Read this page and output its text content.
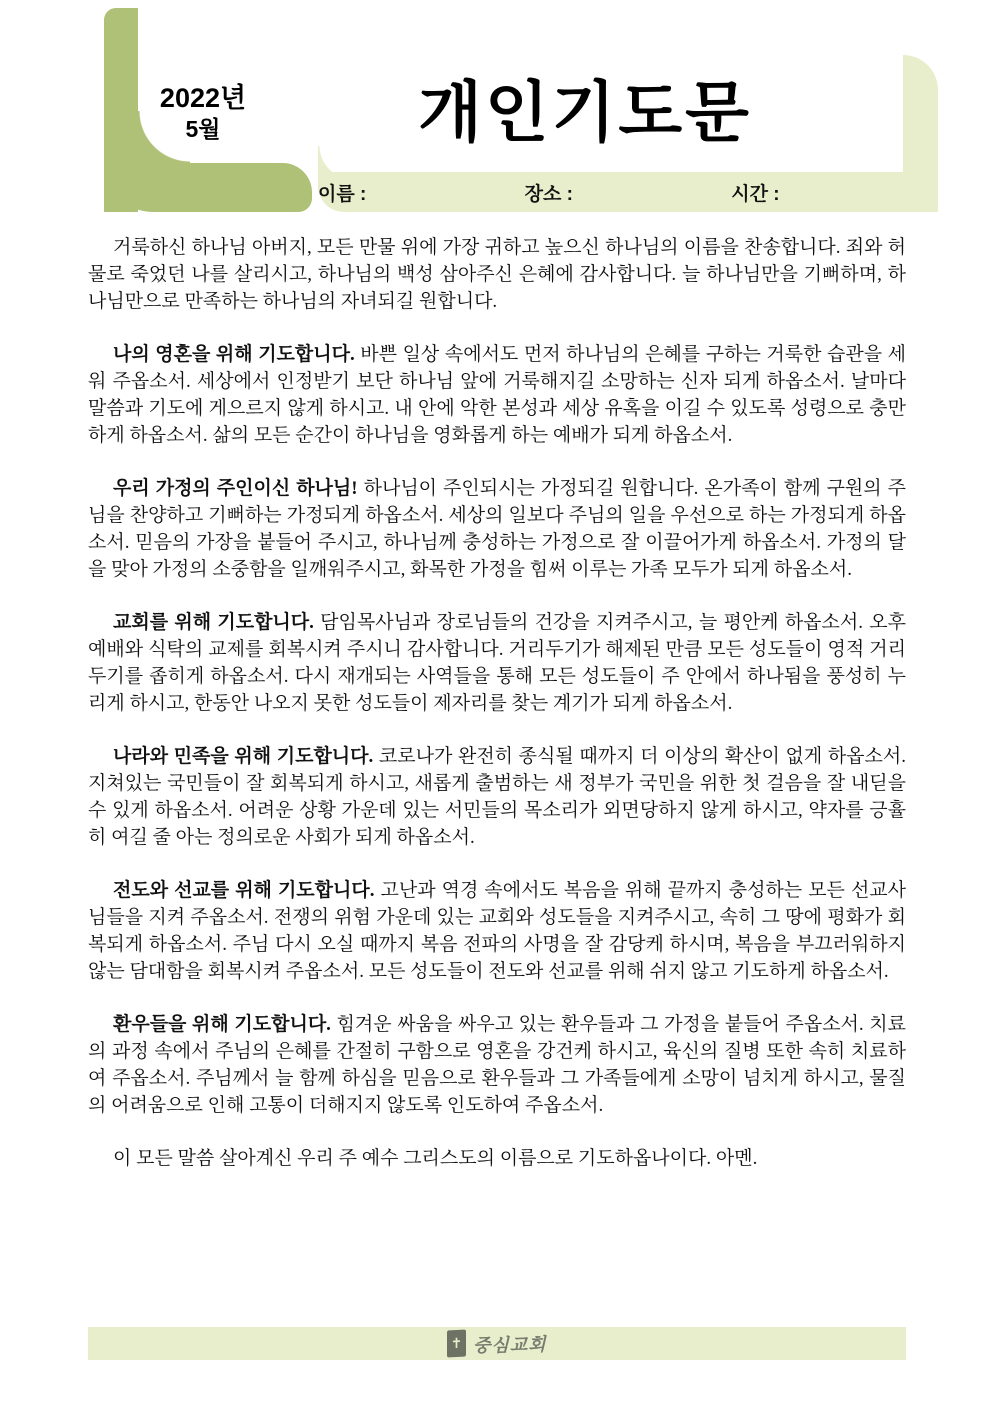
2022년
5월	개인기도문
이름 :	장소 :	시간 :

거룩하신 하나님 아버지, 모든 만물 위에 가장 귀하고 높으신 하나님의 이름을 찬송합니다. 죄와 허물로 죽었던 나를 살리시고, 하나님의 백성 삼아주신 은혜에 감사합니다. 늘 하나님만을 기뻐하며, 하나님만으로 만족하는 하나님의 자녀되길 원합니다.

나의 영혼을 위해 기도합니다. 바쁜 일상 속에서도 먼저 하나님의 은혜를 구하는 거룩한 습관을 세워 주옵소서. 세상에서 인정받기 보단 하나님 앞에 거룩해지길 소망하는 신자 되게 하옵소서. 날마다 말씀과 기도에 게으르지 않게 하시고. 내 안에 악한 본성과 세상 유혹을 이길 수 있도록 성령으로 충만하게 하옵소서. 삶의 모든 순간이 하나님을 영화롭게 하는 예배가 되게 하옵소서.

우리 가정의 주인이신 하나님! 하나님이 주인되시는 가정되길 원합니다. 온가족이 함께 구원의 주님을 찬양하고 기뻐하는 가정되게 하옵소서. 세상의 일보다 주님의 일을 우선으로 하는 가정되게 하옵소서. 믿음의 가장을 붙들어 주시고, 하나님께 충성하는 가정으로 잘 이끌어가게 하옵소서. 가정의 달을 맞아 가정의 소중함을 일깨워주시고, 화목한 가정을 힘써 이루는 가족 모두가 되게 하옵소서.

교회를 위해 기도합니다. 담임목사님과 장로님들의 건강을 지켜주시고, 늘 평안케 하옵소서. 오후 예배와 식탁의 교제를 회복시켜 주시니 감사합니다. 거리두기가 해제된 만큼 모든 성도들이 영적 거리두기를 좁히게 하옵소서. 다시 재개되는 사역들을 통해 모든 성도들이 주 안에서 하나됨을 풍성히 누리게 하시고, 한동안 나오지 못한 성도들이 제자리를 찾는 계기가 되게 하옵소서.

나라와 민족을 위해 기도합니다. 코로나가 완전히 종식될 때까지 더 이상의 확산이 없게 하옵소서. 지쳐있는 국민들이 잘 회복되게 하시고, 새롭게 출범하는 새 정부가 국민을 위한 첫 걸음을 잘 내딛을 수 있게 하옵소서. 어려운 상황 가운데 있는 서민들의 목소리가 외면당하지 않게 하시고, 약자를 긍휼히 여길 줄 아는 정의로운 사회가 되게 하옵소서.

전도와 선교를 위해 기도합니다. 고난과 역경 속에서도 복음을 위해 끝까지 충성하는 모든 선교사님들을 지켜 주옵소서. 전쟁의 위험 가운데 있는 교회와 성도들을 지켜주시고, 속히 그 땅에 평화가 회복되게 하옵소서. 주님 다시 오실 때까지 복음 전파의 사명을 잘 감당케 하시며, 복음을 부끄러워하지 않는 담대함을 회복시켜 주옵소서. 모든 성도들이 전도와 선교를 위해 쉬지 않고 기도하게 하옵소서.

환우들을 위해 기도합니다. 힘겨운 싸움을 싸우고 있는 환우들과 그 가정을 붙들어 주옵소서. 치료의 과정 속에서 주님의 은혜를 간절히 구함으로 영혼을 강건케 하시고, 육신의 질병 또한 속히 치료하여 주옵소서. 주님께서 늘 함께 하심을 믿음으로 환우들과 그 가족들에게 소망이 넘치게 하시고, 물질의 어려움으로 인해 고통이 더해지지 않도록 인도하여 주옵소서.

이 모든 말씀 살아계신 우리 주 예수 그리스도의 이름으로 기도하옵나이다. 아멘.

✝ 중심교회
